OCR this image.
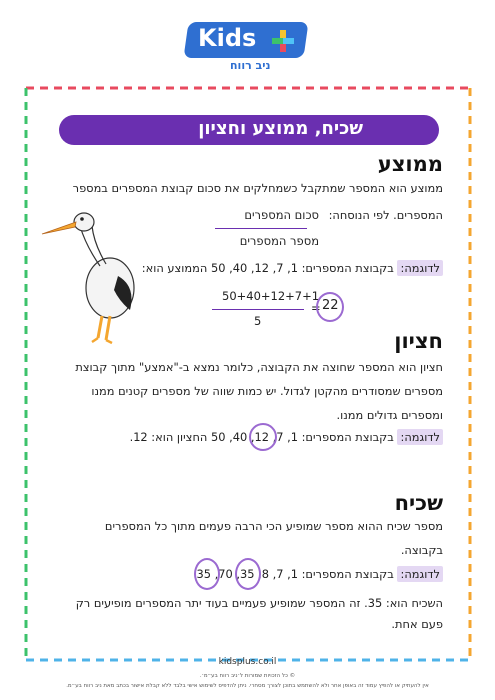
Kids
ניב רווח
שכיח, ממוצע וחציון
ממוצע
ממוצע הוא המספר שמתקבל כשמחלקים את סכום קבוצת המספרים במספר
המספרים. לפי הנוסחה:
סכום המספרים
מספר המספרים
לדוגמה: בקבוצת המספרים: 1, 7, 12, 40, 50 הממוצע הוא:
50+40+12+7+1
5
= 22
חציון
חציון הוא המספר שחוצה את הקבוצה, כלומר נמצא ב-"אמצע" מתוך קבוצת
מספרים שמסודרים מהקטן לגדול. יש כמות שווה של מספרים קטנים ממנו
ומספרים גדולים ממנו.
לדוגמה: בקבוצת המספרים: 1, 7, 12, 40, 50 החציון הוא: 12.
שכיח
מספר שכיח ההוא מספר שמופיע הכי הרבה פעמים מתוך כל המספרים
בקבוצה.
לדוגמה: בקבוצת המספרים: 1, 7, 8, 35, 70, 35
השכיח הוא: 35. זה המספר שמופיע פעמיים בעוד יתר המספרים מופיעים רק
פעם אחת.
kidsplus.co.il
© כל הזכויות שמורות ל׳ניב רווח בע״מ׳.
אין להעתיק או להפיץ עמוד זה באופן אחר ולא להשתמש בתוכן לצורך מסחרי. ניתן להדפיס לשימוש אישי בלבד ללא קבלת אישור בכתב מאת ניב רווח בע״מ.
